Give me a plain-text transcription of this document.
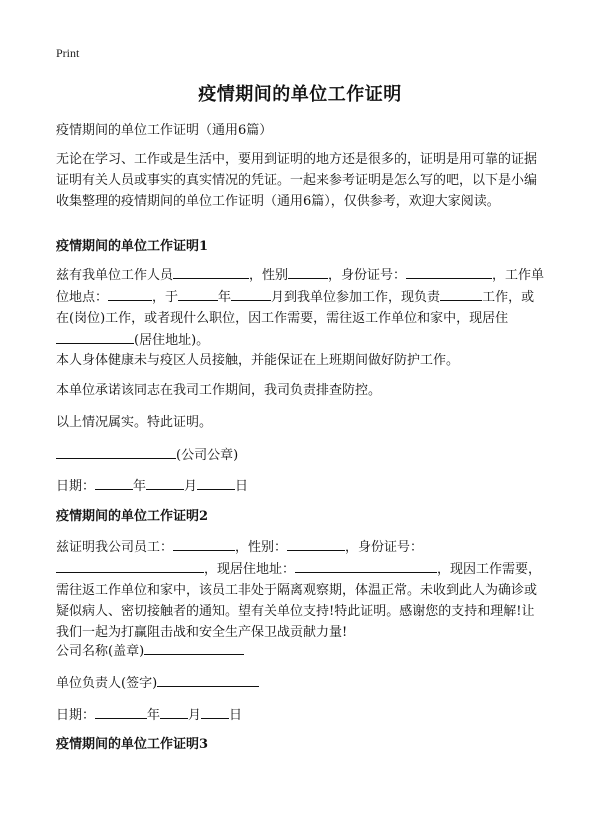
Print
疫情期间的单位工作证明
疫情期间的单位工作证明（通用6篇）
无论在学习、工作或是生活中，要用到证明的地方还是很多的，证明是用可靠的证据证明有关人员或事实的真实情况的凭证。一起来参考证明是怎么写的吧，以下是小编收集整理的疫情期间的单位工作证明（通用6篇），仅供参考，欢迎大家阅读。
疫情期间的单位工作证明1
兹有我单位工作人员	，性别	，身份证号：	，工作单位地点：	，于	年	月到我单位参加工作，现负责	工作，或在(岗位)工作，或者现什么职位，因工作需要，需往返工作单位和家中，现居住(居住地址)。
本人身体健康未与疫区人员接触，并能保证在上班期间做好防护工作。
本单位承诺该同志在我司工作期间，我司负责排查防控。
以上情况属实。特此证明。
(公司公章)
日期：	年	月	日
疫情期间的单位工作证明2
兹证明我公司员工：	，性别：	，身份证号：，现居住地址：	，现因工作需要，需往返工作单位和家中，该员工非处于隔离观察期，体温正常。未收到此人为确诊或疑似病人、密切接触者的通知。望有关单位支持!特此证明。感谢您的支持和理解!让我们一起为打赢阻击战和安全生产保卫战贡献力量!
公司名称(盖章)
单位负责人(签字)
日期：	年 月 日
疫情期间的单位工作证明3
